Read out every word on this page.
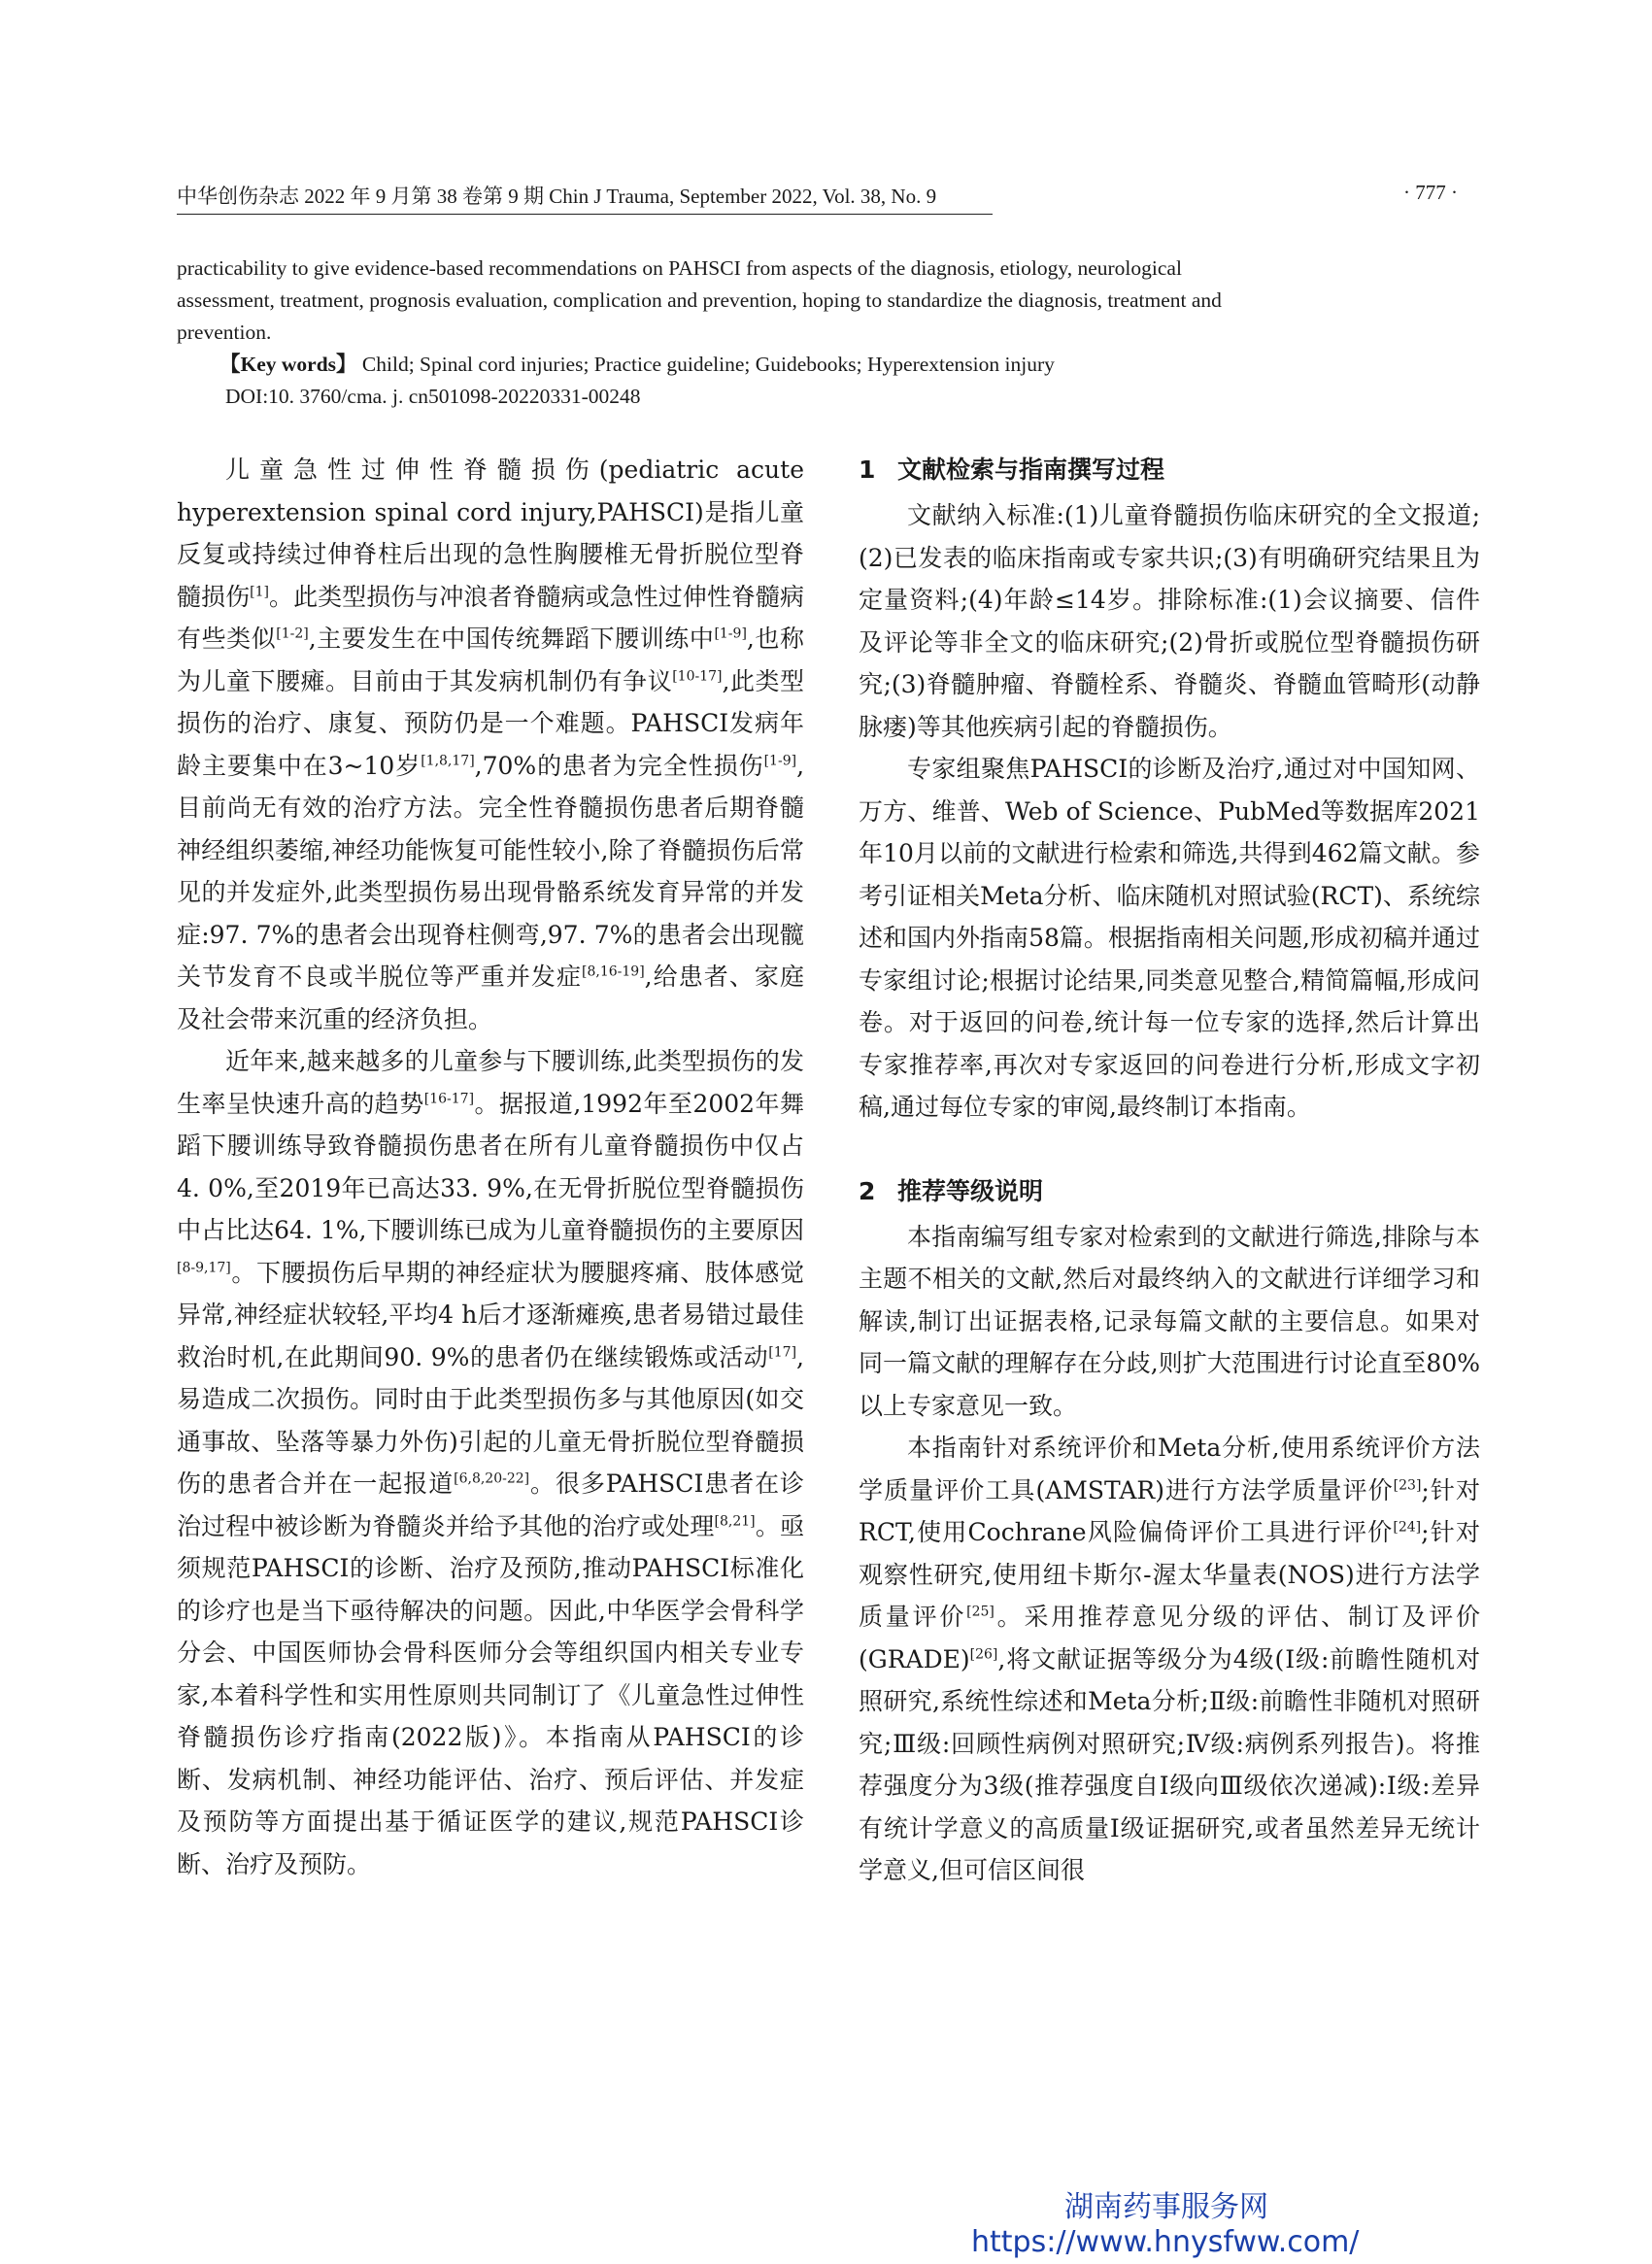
中华创伤杂志 2022 年 9 月第 38 卷第 9 期 Chin J Trauma, September 2022, Vol. 38, No. 9	· 777 ·

practicability to give evidence-based recommendations on PAHSCI from aspects of the diagnosis, etiology, neurological assessment, treatment, prognosis evaluation, complication and prevention, hoping to standardize the diagnosis, treatment and prevention.

【Key words】 Child; Spinal cord injuries; Practice guideline; Guidebooks; Hyperextension injury

DOI:10. 3760/cma. j. cn501098-20220331-00248

儿童急性过伸性脊髓损伤(pediatric acute hyperextension spinal cord injury,PAHSCI)是指儿童反复或持续过伸脊柱后出现的急性胸腰椎无骨折脱位型脊髓损伤[1]。此类型损伤与冲浪者脊髓病或急性过伸性脊髓病有些类似[1-2],主要发生在中国传统舞蹈下腰训练中[1-9],也称为儿童下腰瘫。目前由于其发病机制仍有争议[10-17],此类型损伤的治疗、康复、预防仍是一个难题。PAHSCI发病年龄主要集中在3~10岁[1,8,17],70%的患者为完全性损伤[1-9],目前尚无有效的治疗方法。完全性脊髓损伤患者后期脊髓神经组织萎缩,神经功能恢复可能性较小,除了脊髓损伤后常见的并发症外,此类型损伤易出现骨骼系统发育异常的并发症:97. 7%的患者会出现脊柱侧弯,97. 7%的患者会出现髋关节发育不良或半脱位等严重并发症[8,16-19],给患者、家庭及社会带来沉重的经济负担。

近年来,越来越多的儿童参与下腰训练,此类型损伤的发生率呈快速升高的趋势[16-17]。据报道,1992年至2002年舞蹈下腰训练导致脊髓损伤患者在所有儿童脊髓损伤中仅占4. 0%,至2019年已高达33. 9%,在无骨折脱位型脊髓损伤中占比达64. 1%,下腰训练已成为儿童脊髓损伤的主要原因[8-9,17]。下腰损伤后早期的神经症状为腰腿疼痛、肢体感觉异常,神经症状较轻,平均4 h后才逐渐瘫痪,患者易错过最佳救治时机,在此期间90. 9%的患者仍在继续锻炼或活动[17],易造成二次损伤。同时由于此类型损伤多与其他原因(如交通事故、坠落等暴力外伤)引起的儿童无骨折脱位型脊髓损伤的患者合并在一起报道[6,8,20-22]。很多PAHSCI患者在诊治过程中被诊断为脊髓炎并给予其他的治疗或处理[8,21]。亟须规范PAHSCI的诊断、治疗及预防,推动PAHSCI标准化的诊疗也是当下亟待解决的问题。因此,中华医学会骨科学分会、中国医师协会骨科医师分会等组织国内相关专业专家,本着科学性和实用性原则共同制订了《儿童急性过伸性脊髓损伤诊疗指南(2022版)》。本指南从PAHSCI的诊断、发病机制、神经功能评估、治疗、预后评估、并发症及预防等方面提出基于循证医学的建议,规范PAHSCI诊断、治疗及预防。

1 文献检索与指南撰写过程

文献纳入标准:(1)儿童脊髓损伤临床研究的全文报道;(2)已发表的临床指南或专家共识;(3)有明确研究结果且为定量资料;(4)年龄≤14岁。排除标准:(1)会议摘要、信件及评论等非全文的临床研究;(2)骨折或脱位型脊髓损伤研究;(3)脊髓肿瘤、脊髓栓系、脊髓炎、脊髓血管畸形(动静脉瘘)等其他疾病引起的脊髓损伤。

专家组聚焦PAHSCI的诊断及治疗,通过对中国知网、万方、维普、Web of Science、PubMed等数据库2021年10月以前的文献进行检索和筛选,共得到462篇文献。参考引证相关Meta分析、临床随机对照试验(RCT)、系统综述和国内外指南58篇。根据指南相关问题,形成初稿并通过专家组讨论;根据讨论结果,同类意见整合,精简篇幅,形成问卷。对于返回的问卷,统计每一位专家的选择,然后计算出专家推荐率,再次对专家返回的问卷进行分析,形成文字初稿,通过每位专家的审阅,最终制订本指南。

2 推荐等级说明

本指南编写组专家对检索到的文献进行筛选,排除与本主题不相关的文献,然后对最终纳入的文献进行详细学习和解读,制订出证据表格,记录每篇文献的主要信息。如果对同一篇文献的理解存在分歧,则扩大范围进行讨论直至80%以上专家意见一致。

本指南针对系统评价和Meta分析,使用系统评价方法学质量评价工具(AMSTAR)进行方法学质量评价[23];针对RCT,使用Cochrane风险偏倚评价工具进行评价[24];针对观察性研究,使用纽卡斯尔-渥太华量表(NOS)进行方法学质量评价[25]。采用推荐意见分级的评估、制订及评价(GRADE)[26],将文献证据等级分为4级(Ⅰ级:前瞻性随机对照研究,系统性综述和Meta分析;Ⅱ级:前瞻性非随机对照研究;Ⅲ级:回顾性病例对照研究;Ⅳ级:病例系列报告)。将推荐强度分为3级(推荐强度自Ⅰ级向Ⅲ级依次递减):Ⅰ级:差异有统计学意义的高质量Ⅰ级证据研究,或者虽然差异无统计学意义,但可信区间很

湖南药事服务网
https://www.hnysfww.com/
